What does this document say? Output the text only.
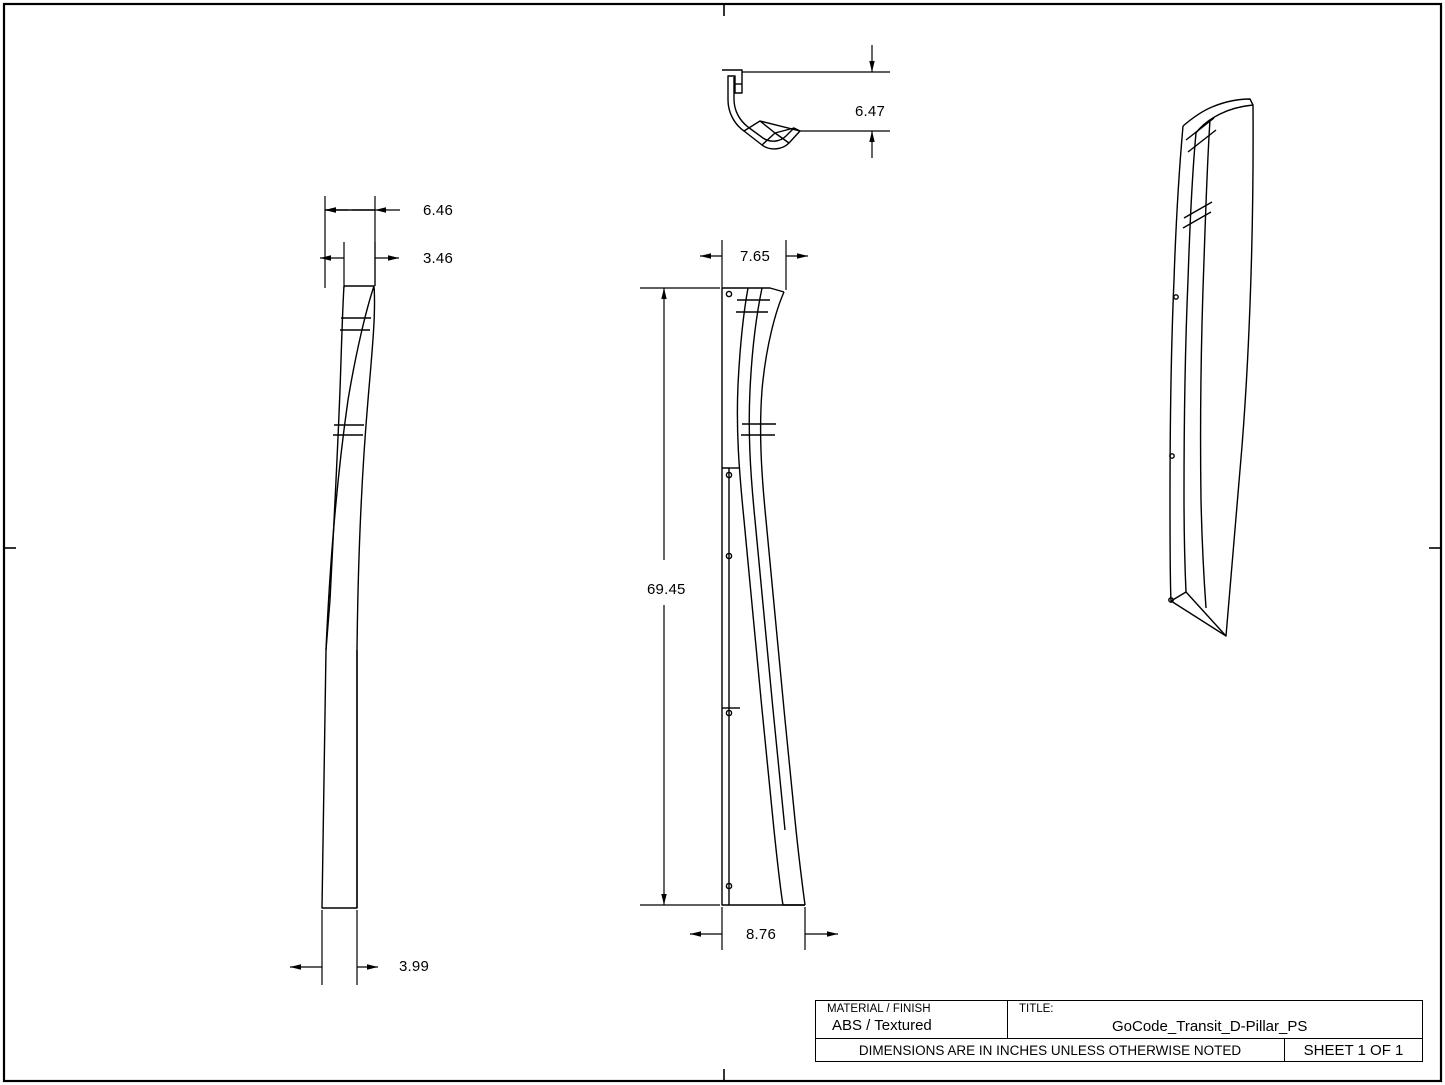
6.47
6.46
3.46	7.65
69.45
8.76
3.99
MATERIAL / FINISH
ABS / Textured
TITLE:
GoCode_Transit_D-Pillar_PS
DIMENSIONS ARE IN INCHES UNLESS OTHERWISE NOTED	SHEET 1 OF 1
